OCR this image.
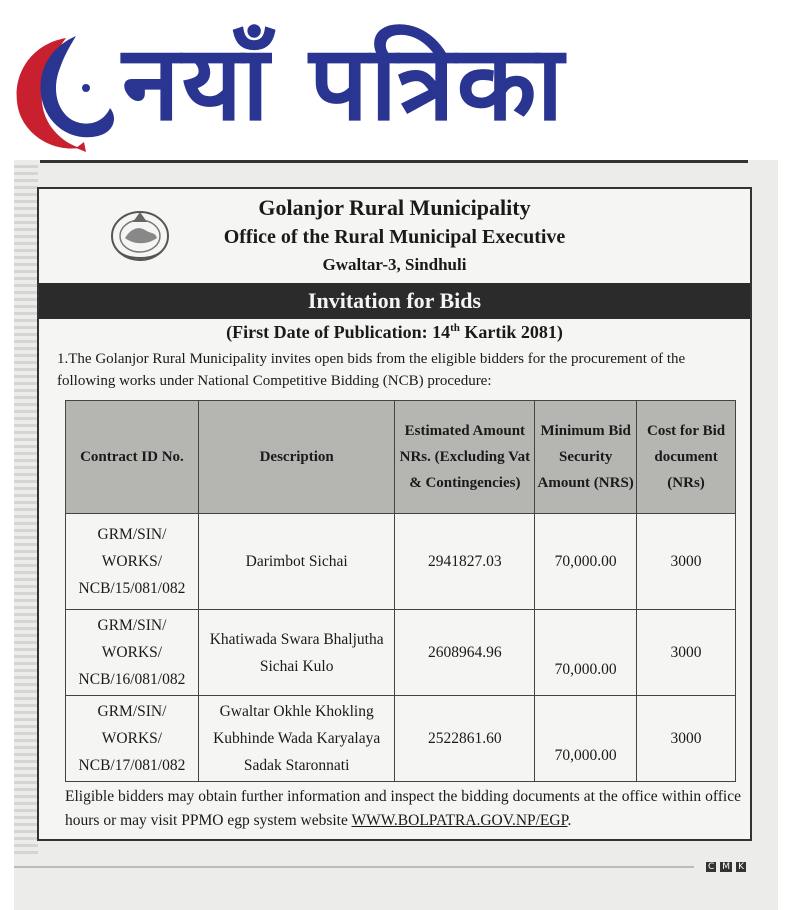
नयाँ पत्रिका
Golanjor Rural Municipality
Office of the Rural Municipal Executive
Gwaltar-3, Sindhuli
Invitation for Bids
(First Date of Publication: 14th Kartik 2081)
1.The Golanjor Rural Municipality invites open bids from the eligible bidders for the procurement of the following works under National Competitive Bidding (NCB) procedure:
Contract ID No.	Description	Estimated Amount NRs. (Excluding Vat & Contingencies)	Minimum Bid Security Amount (NRS)	Cost for Bid document (NRs)
GRM/SIN/ WORKS/ NCB/15/081/082	Darimbot Sichai	2941827.03	70,000.00	3000
GRM/SIN/ WORKS/ NCB/16/081/082	Khatiwada Swara Bhaljutha Sichai Kulo	2608964.96	70,000.00	3000
GRM/SIN/ WORKS/ NCB/17/081/082	Gwaltar Okhle Khokling Kubhinde Wada Karyalaya Sadak Staronnati	2522861.60	70,000.00	3000
Eligible bidders may obtain further information and inspect the bidding documents at the office within office hours or may visit PPMO egp system website WWW.BOLPATRA.GOV.NP/EGP.
C M K
